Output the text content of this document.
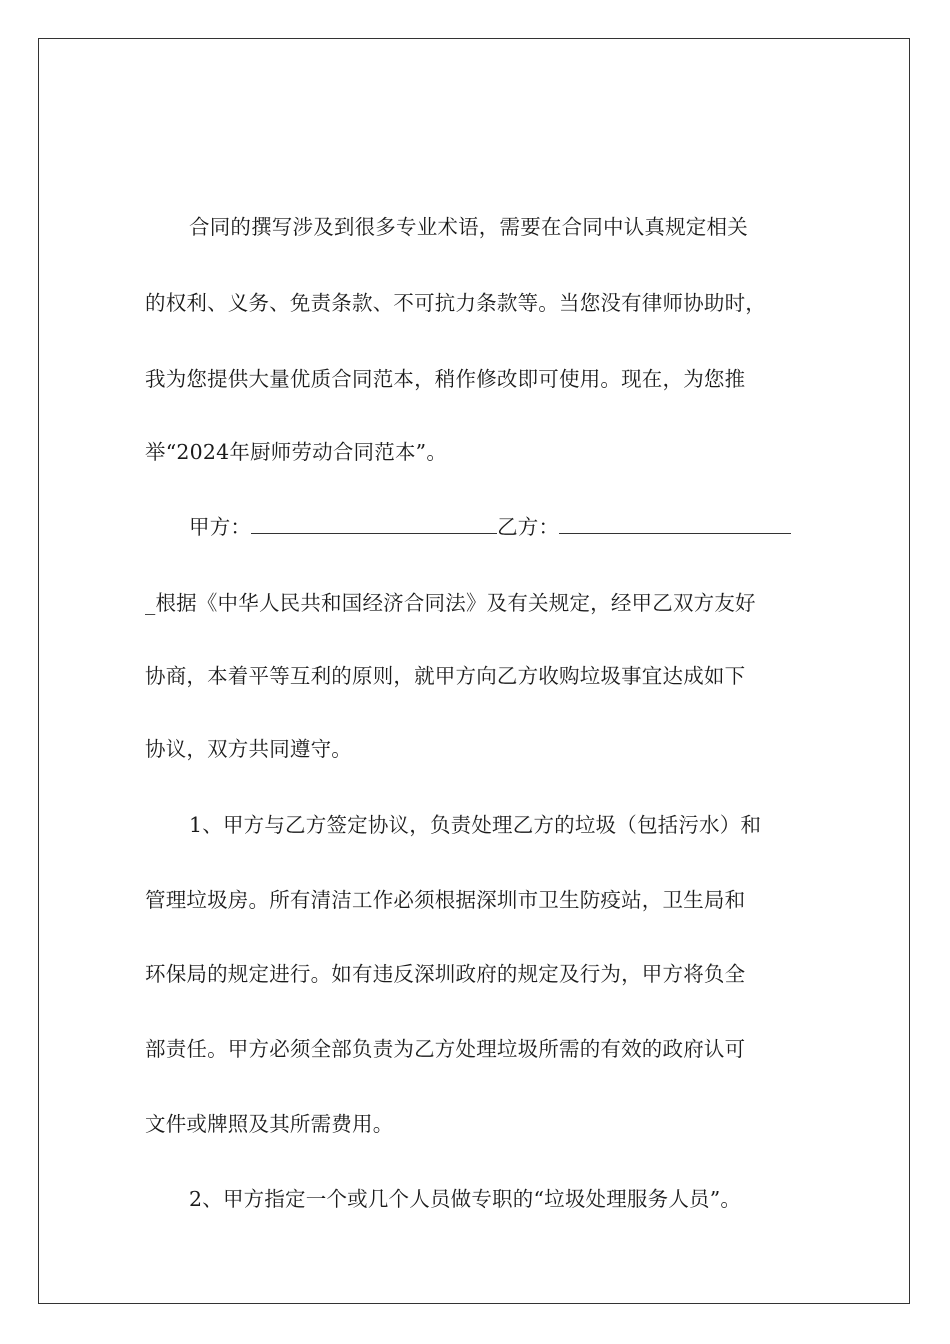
合同的撰写涉及到很多专业术语，需要在合同中认真规定相关
的权利、义务、免责条款、不可抗力条款等。当您没有律师协助时，
我为您提供大量优质合同范本，稍作修改即可使用。现在，为您推
举“2024年厨师劳动合同范本”。
甲方：	乙方：
_根据《中华人民共和国经济合同法》及有关规定，经甲乙双方友好
协商，本着平等互利的原则，就甲方向乙方收购垃圾事宜达成如下
协议，双方共同遵守。
1、甲方与乙方签定协议，负责处理乙方的垃圾（包括污水）和
管理垃圾房。所有清洁工作必须根据深圳市卫生防疫站，卫生局和
环保局的规定进行。如有违反深圳政府的规定及行为，甲方将负全
部责任。甲方必须全部负责为乙方处理垃圾所需的有效的政府认可
文件或牌照及其所需费用。
2、甲方指定一个或几个人员做专职的“垃圾处理服务人员”。
